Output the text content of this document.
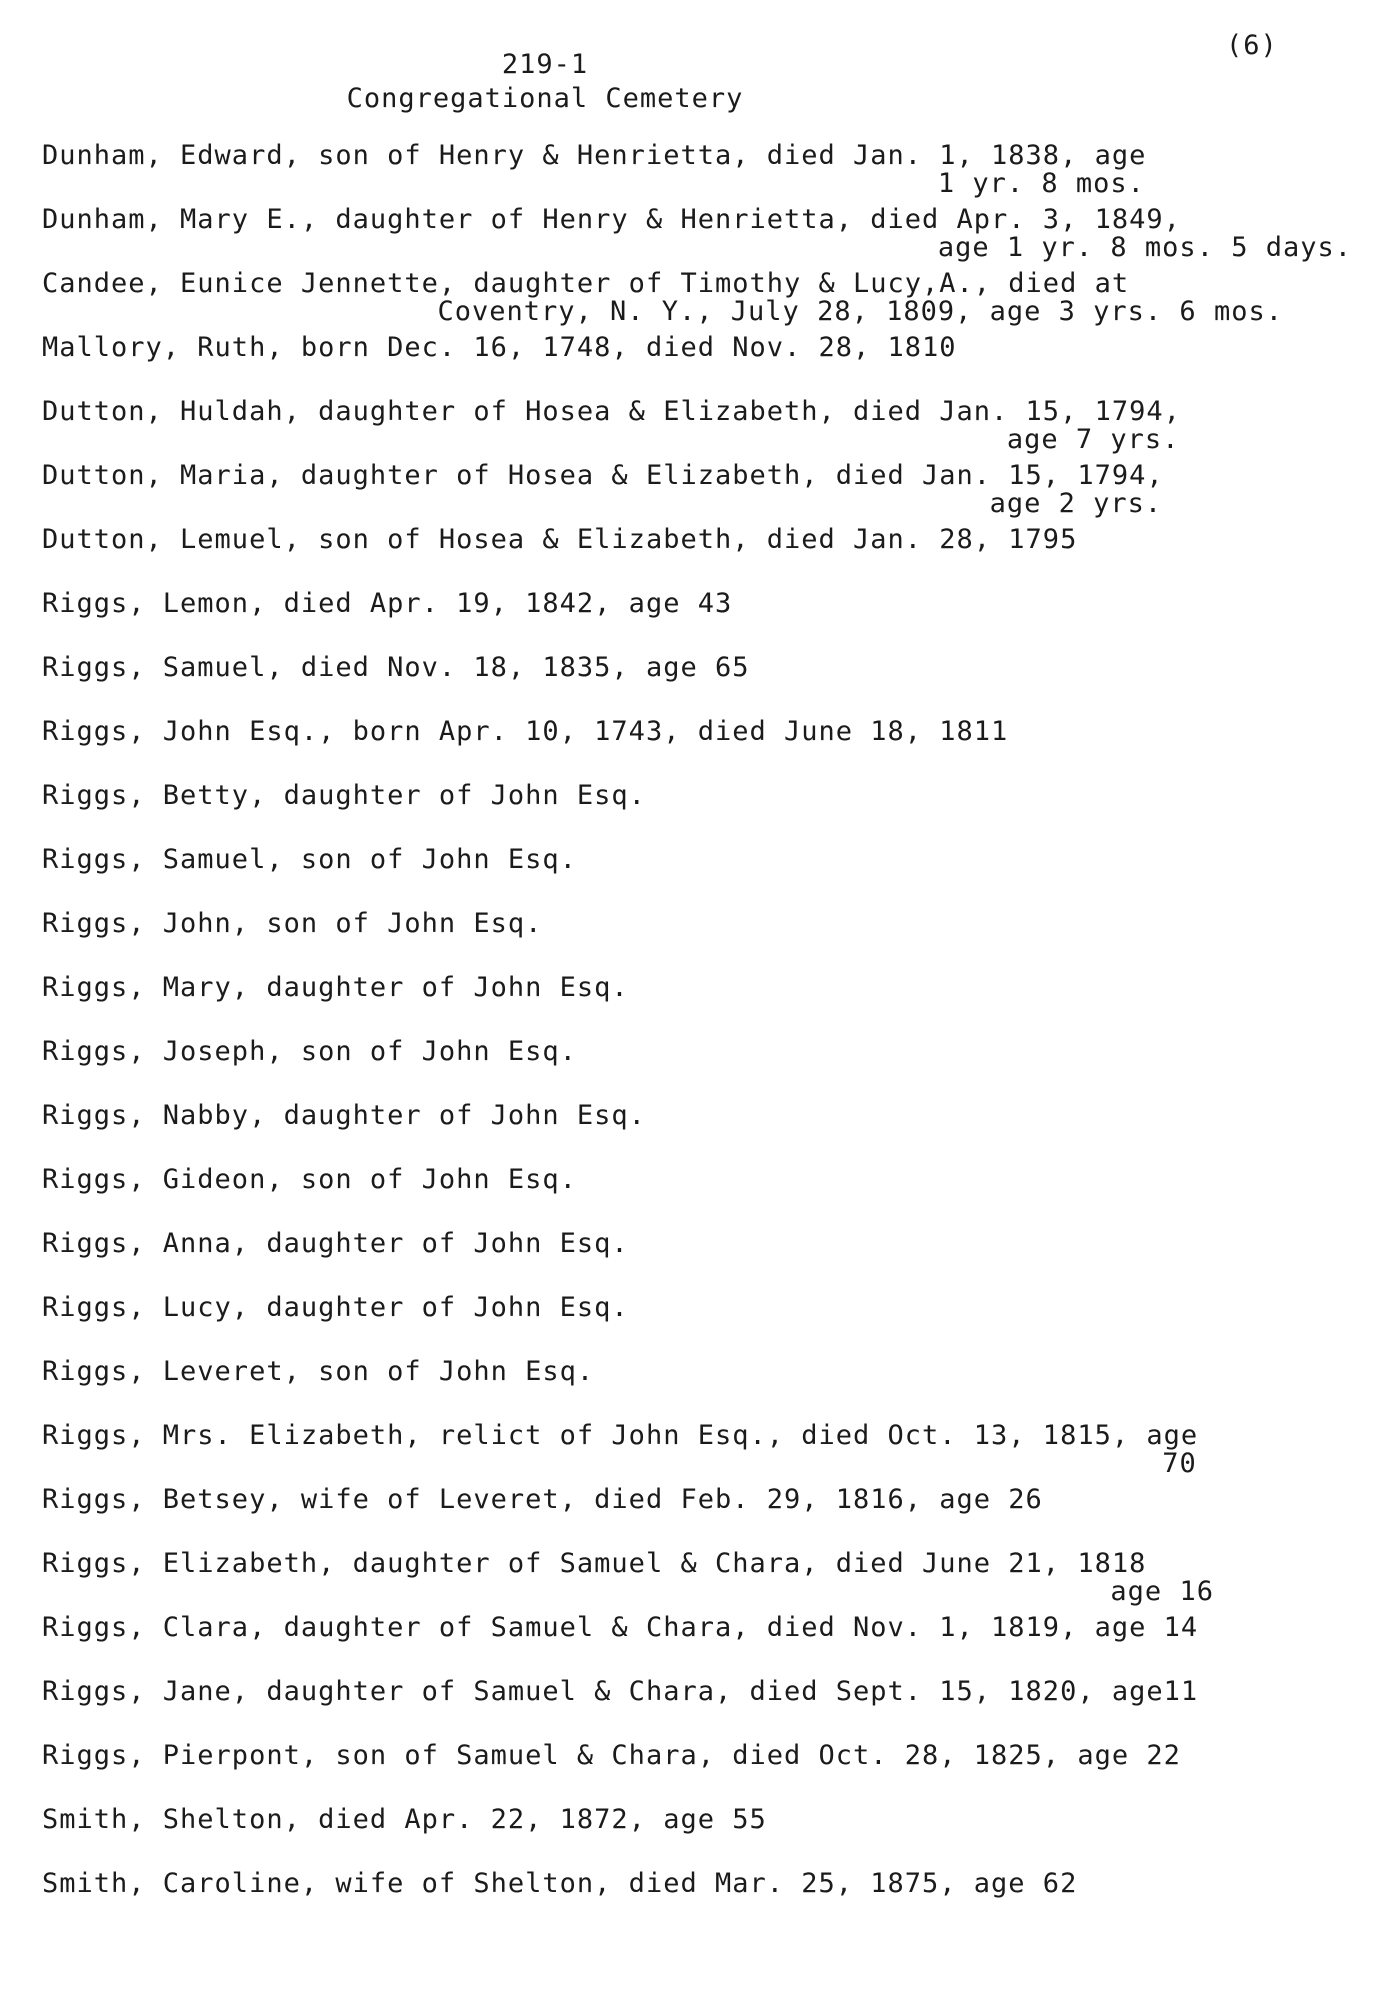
(6)
219-1
Congregational Cemetery
Dunham, Edward, son of Henry & Henrietta, died Jan. 1, 1838, age
1 yr. 8 mos.
Dunham, Mary E., daughter of Henry & Henrietta, died Apr. 3, 1849,
age 1 yr. 8 mos. 5 days.
Candee, Eunice Jennette, daughter of Timothy & Lucy,A., died at
Coventry, N. Y., July 28, 1809, age 3 yrs. 6 mos.
Mallory, Ruth, born Dec. 16, 1748, died Nov. 28, 1810
Dutton, Huldah, daughter of Hosea & Elizabeth, died Jan. 15, 1794,
age 7 yrs.
Dutton, Maria, daughter of Hosea & Elizabeth, died Jan. 15, 1794,
age 2 yrs.
Dutton, Lemuel, son of Hosea & Elizabeth, died Jan. 28, 1795
Riggs, Lemon, died Apr. 19, 1842, age 43
Riggs, Samuel, died Nov. 18, 1835, age 65
Riggs, John Esq., born Apr. 10, 1743, died June 18, 1811
Riggs, Betty, daughter of John Esq.
Riggs, Samuel, son of John Esq.
Riggs, John, son of John Esq.
Riggs, Mary, daughter of John Esq.
Riggs, Joseph, son of John Esq.
Riggs, Nabby, daughter of John Esq.
Riggs, Gideon, son of John Esq.
Riggs, Anna, daughter of John Esq.
Riggs, Lucy, daughter of John Esq.
Riggs, Leveret, son of John Esq.
Riggs, Mrs. Elizabeth, relict of John Esq., died Oct. 13, 1815, age
70
Riggs, Betsey, wife of Leveret, died Feb. 29, 1816, age 26
Riggs, Elizabeth, daughter of Samuel & Chara, died June 21, 1818
age 16
Riggs, Clara, daughter of Samuel & Chara, died Nov. 1, 1819, age 14
Riggs, Jane, daughter of Samuel & Chara, died Sept. 15, 1820, age11
Riggs, Pierpont, son of Samuel & Chara, died Oct. 28, 1825, age 22
Smith, Shelton, died Apr. 22, 1872, age 55
Smith, Caroline, wife of Shelton, died Mar. 25, 1875, age 62
